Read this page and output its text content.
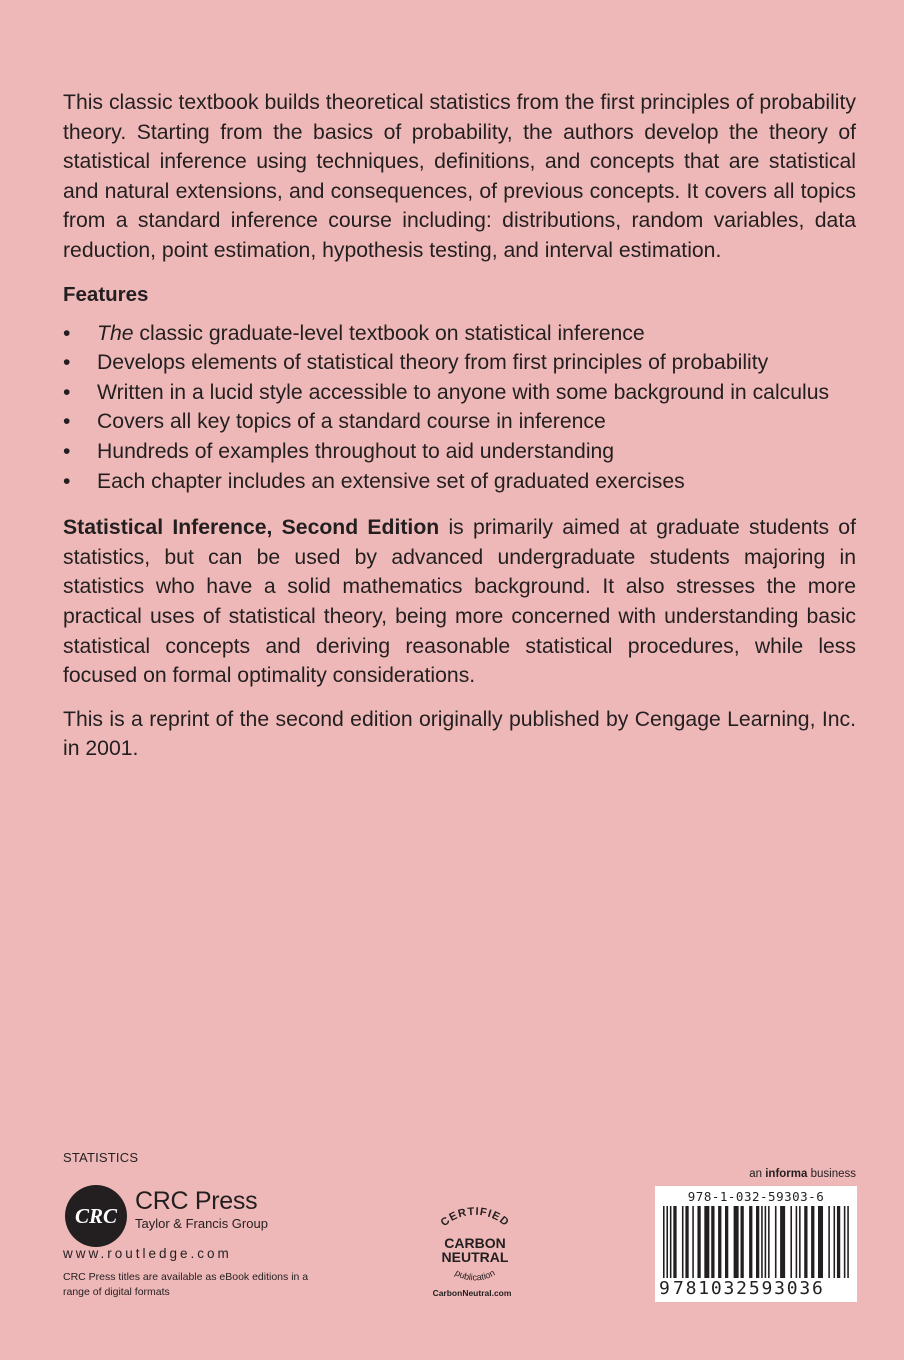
This classic textbook builds theoretical statistics from the first principles of probability theory. Starting from the basics of probability, the authors develop the theory of statistical inference using techniques, definitions, and concepts that are statistical and natural extensions, and consequences, of previous concepts. It covers all topics from a standard inference course including: distributions, random variables, data reduction, point estimation, hypothesis testing, and interval estimation.

Features
• The classic graduate-level textbook on statistical inference
• Develops elements of statistical theory from first principles of probability
• Written in a lucid style accessible to anyone with some background in calculus
• Covers all key topics of a standard course in inference
• Hundreds of examples throughout to aid understanding
• Each chapter includes an extensive set of graduated exercises

Statistical Inference, Second Edition is primarily aimed at graduate students of statistics, but can be used by advanced undergraduate students majoring in statistics who have a solid mathematics background. It also stresses the more practical uses of statistical theory, being more concerned with understanding basic statistical concepts and deriving reasonable statistical procedures, while less focused on formal optimality considerations.

This is a reprint of the second edition originally published by Cengage Learning, Inc. in 2001.

STATISTICS
CRC
CRC Press
Taylor & Francis Group
www.routledge.com
CRC Press titles are available as eBook editions in a range of digital formats
CERTIFIED
CARBON
NEUTRAL
publication
CarbonNeutral.com
an informa business
978-1-032-59303-6
9 781032593036
